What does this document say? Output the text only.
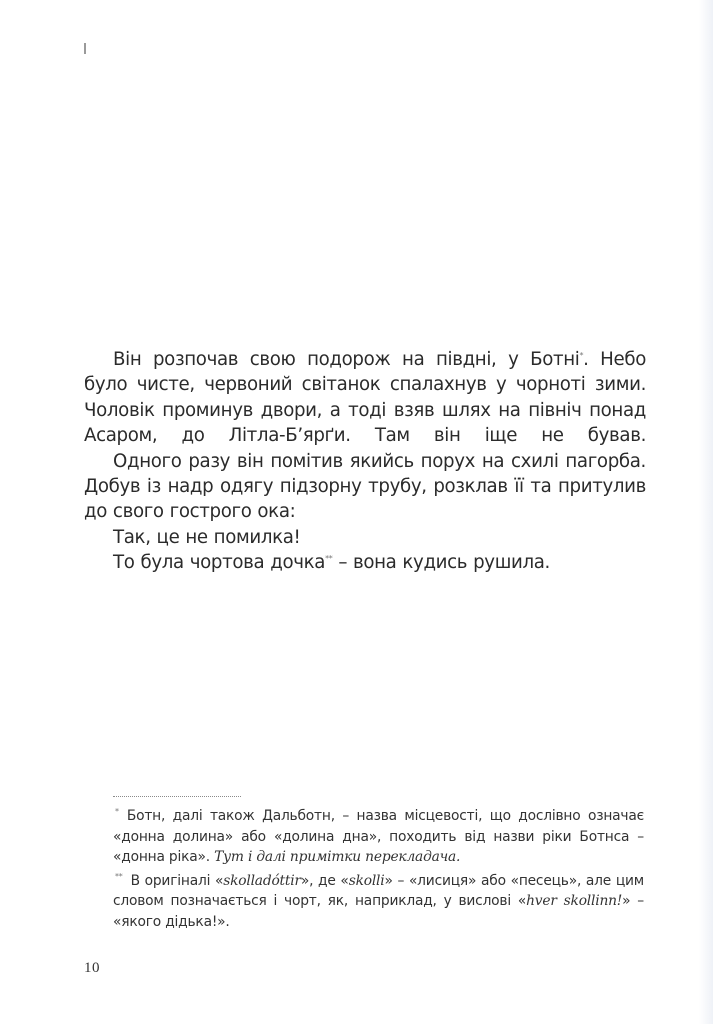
Він розпочав свою подорож на півдні, у Ботні*. Небо було чисте, червоний світанок спалахнув у чорноті зими. Чоловік проминув двори, а тоді взяв шлях на північ понад Асаром, до Літла-Б’ярґи. Там він іще не бував.

Одного разу він помітив якийсь порух на схилі пагорба. Добув із надр одягу підзорну трубу, розклав її та притулив до свого гострого ока:

Так, це не помилка!

То була чортова дочка** – вона кудись рушила.

* Ботн, далі також Дальботн, – назва місцевості, що дослівно означає «донна долина» або «долина дна», походить від назви ріки Ботнса – «донна ріка». Тут і далі примітки перекладача.

** В оригіналі «skolladóttir», де «skolli» – «лисиця» або «песець», але цим словом позначається і чорт, як, наприклад, у вислові «hver skollinn!» – «якого дідька!».

10
